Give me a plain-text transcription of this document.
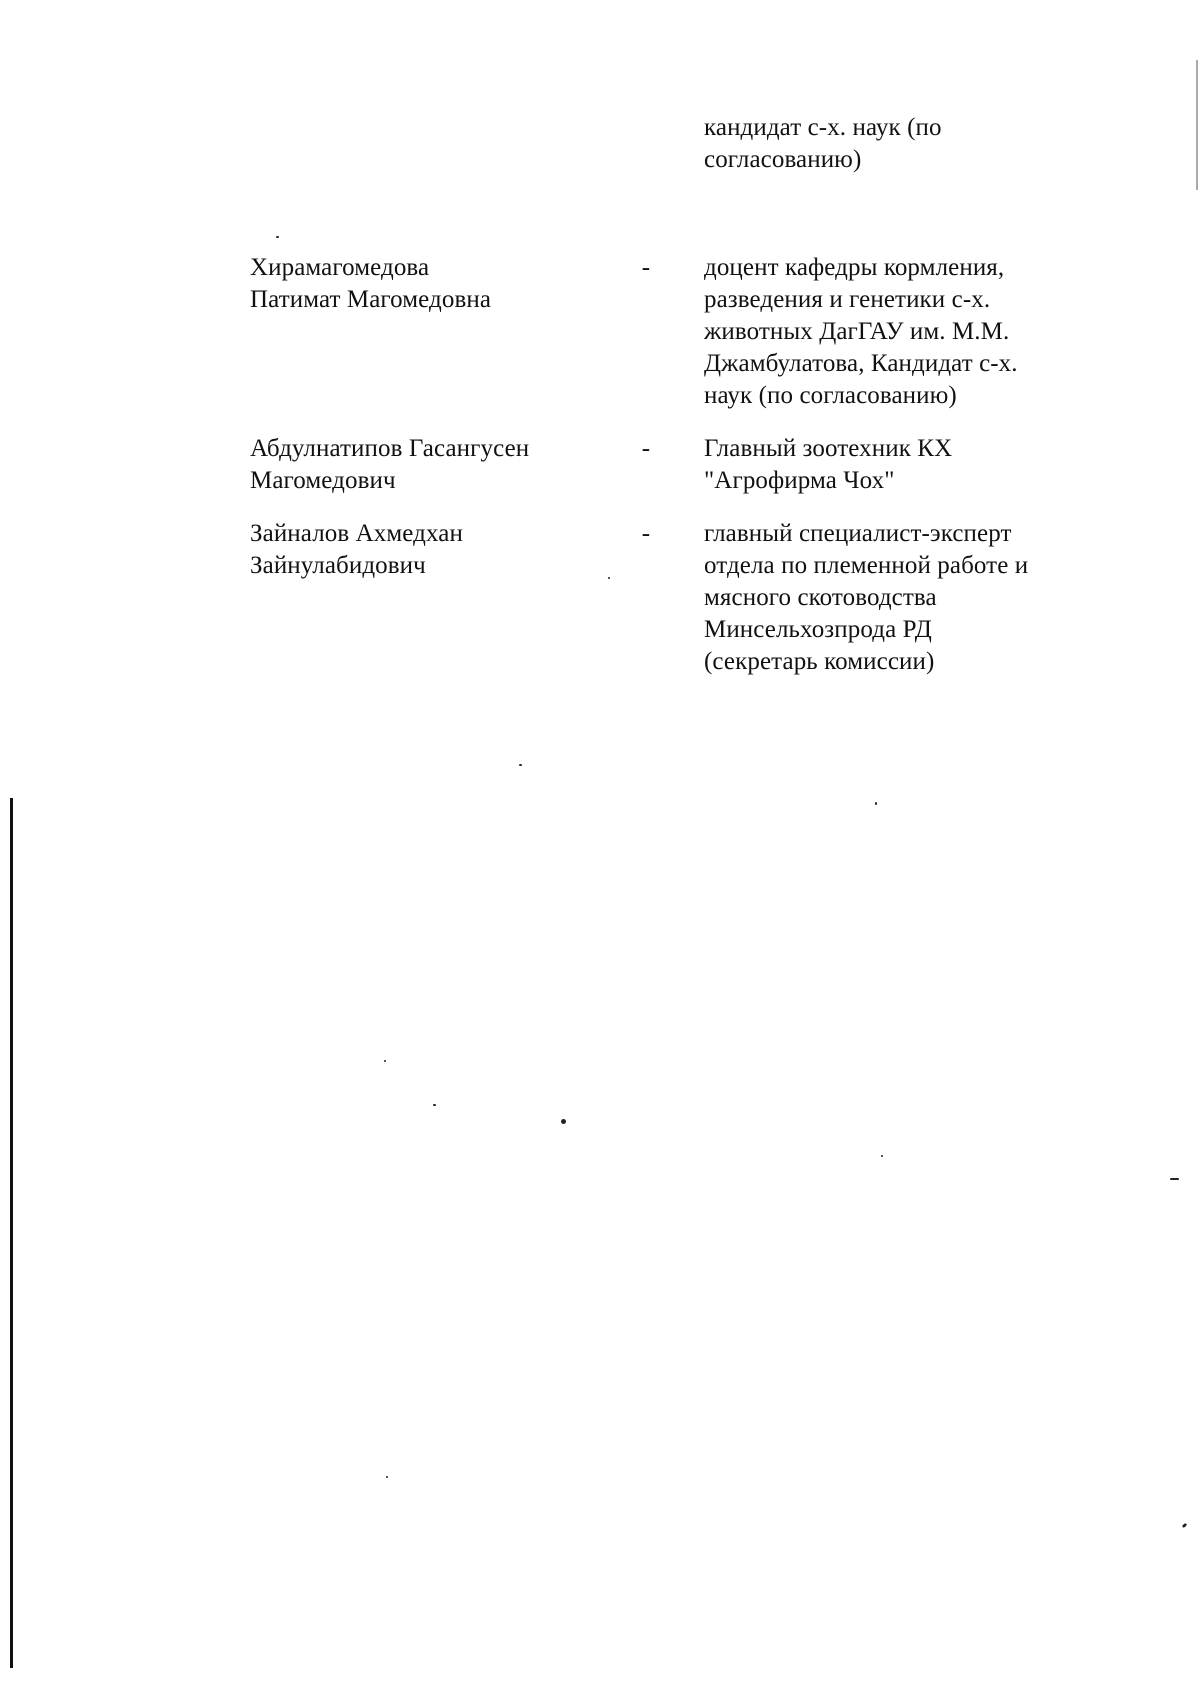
кандидат с-х. наук (по
согласованию)
Хирамагомедова
Патимат Магомедовна
- доцент кафедры кормления,
разведения и генетики с-х.
животных ДагГАУ им. М.М.
Джамбулатова, Кандидат с-х.
наук (по согласованию)
Абдулнатипов Гасангусен
Магомедович
- Главный зоотехник КХ
"Агрофирма Чох"
Зайналов Ахмедхан
Зайнулабидович
- главный специалист-эксперт
отдела по племенной работе и
мясного скотоводства
Минсельхозпрода РД
(секретарь комиссии)
